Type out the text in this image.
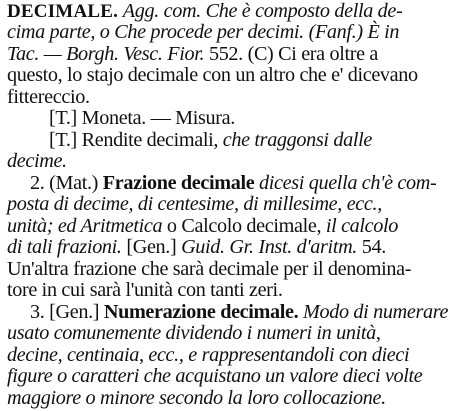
DECIMALE. Agg. com. Che è composto della de-
cima parte, o Che procede per decimi. (Fanf.) È in
Tac. — Borgh. Vesc. Fior. 552. (C) Ci era oltre a
questo, lo stajo decimale con un altro che e' dicevano
fittereccio.
[T.] Moneta. — Misura.
[T.] Rendite decimali, che traggonsi dalle
decime.
2. (Mat.) Frazione decimale dicesi quella ch'è com-
posta di decime, di centesime, di millesime, ecc.,
unità; ed Aritmetica o Calcolo decimale, il calcolo
di tali frazioni. [Gen.] Guid. Gr. Inst. d'aritm. 54.
Un'altra frazione che sarà decimale per il denomina-
tore in cui sarà l'unità con tanti zeri.
3. [Gen.] Numerazione decimale. Modo di numerare
usato comunemente dividendo i numeri in unità,
decine, centinaia, ecc., e rappresentandoli con dieci
figure o caratteri che acquistano un valore dieci volte
maggiore o minore secondo la loro collocazione.
